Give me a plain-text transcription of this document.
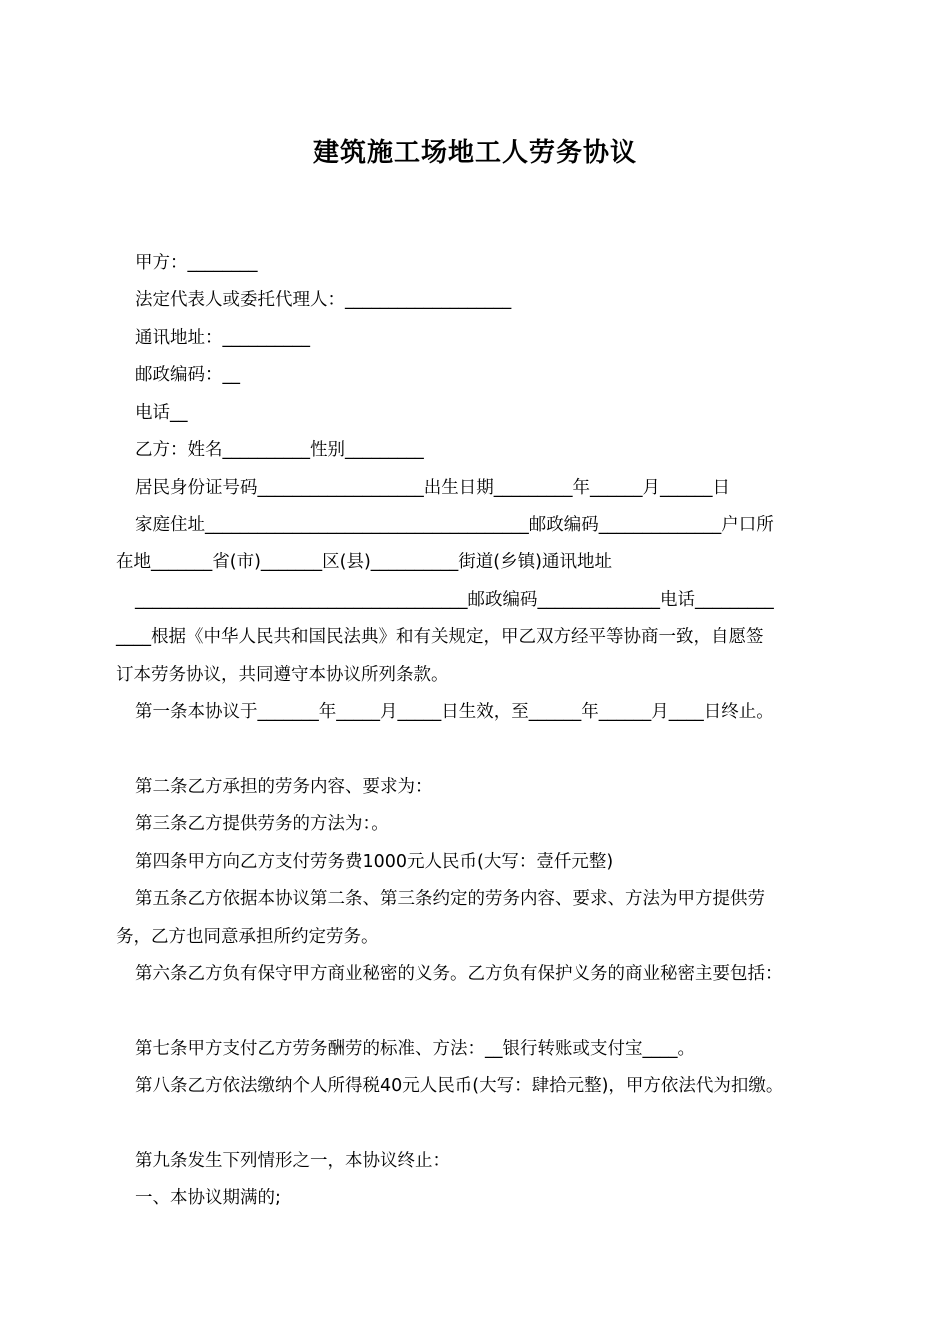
建筑施工场地工人劳务协议
甲方：________
法定代表人或委托代理人：___________________
通讯地址：__________
邮政编码：__
电话__
乙方：姓名__________性别_________
居民身份证号码___________________出生日期_________年______月______日
家庭住址_____________________________________邮政编码______________户口所
在地_______省(市)_______区(县)__________街道(乡镇)通讯地址
______________________________________邮政编码______________电话_________
____根据《中华人民共和国民法典》和有关规定，甲乙双方经平等协商一致，自愿签
订本劳务协议，共同遵守本协议所列条款。
第一条本协议于_______年_____月_____日生效，至______年______月____日终止。
第二条乙方承担的劳务内容、要求为：
第三条乙方提供劳务的方法为：。
第四条甲方向乙方支付劳务费1000元人民币(大写：壹仟元整)
第五条乙方依据本协议第二条、第三条约定的劳务内容、要求、方法为甲方提供劳
务，乙方也同意承担所约定劳务。
第六条乙方负有保守甲方商业秘密的义务。乙方负有保护义务的商业秘密主要包括：
第七条甲方支付乙方劳务酬劳的标准、方法：__银行转账或支付宝____。
第八条乙方依法缴纳个人所得税40元人民币(大写：肆拾元整)，甲方依法代为扣缴。
第九条发生下列情形之一，本协议终止：
一、本协议期满的;
